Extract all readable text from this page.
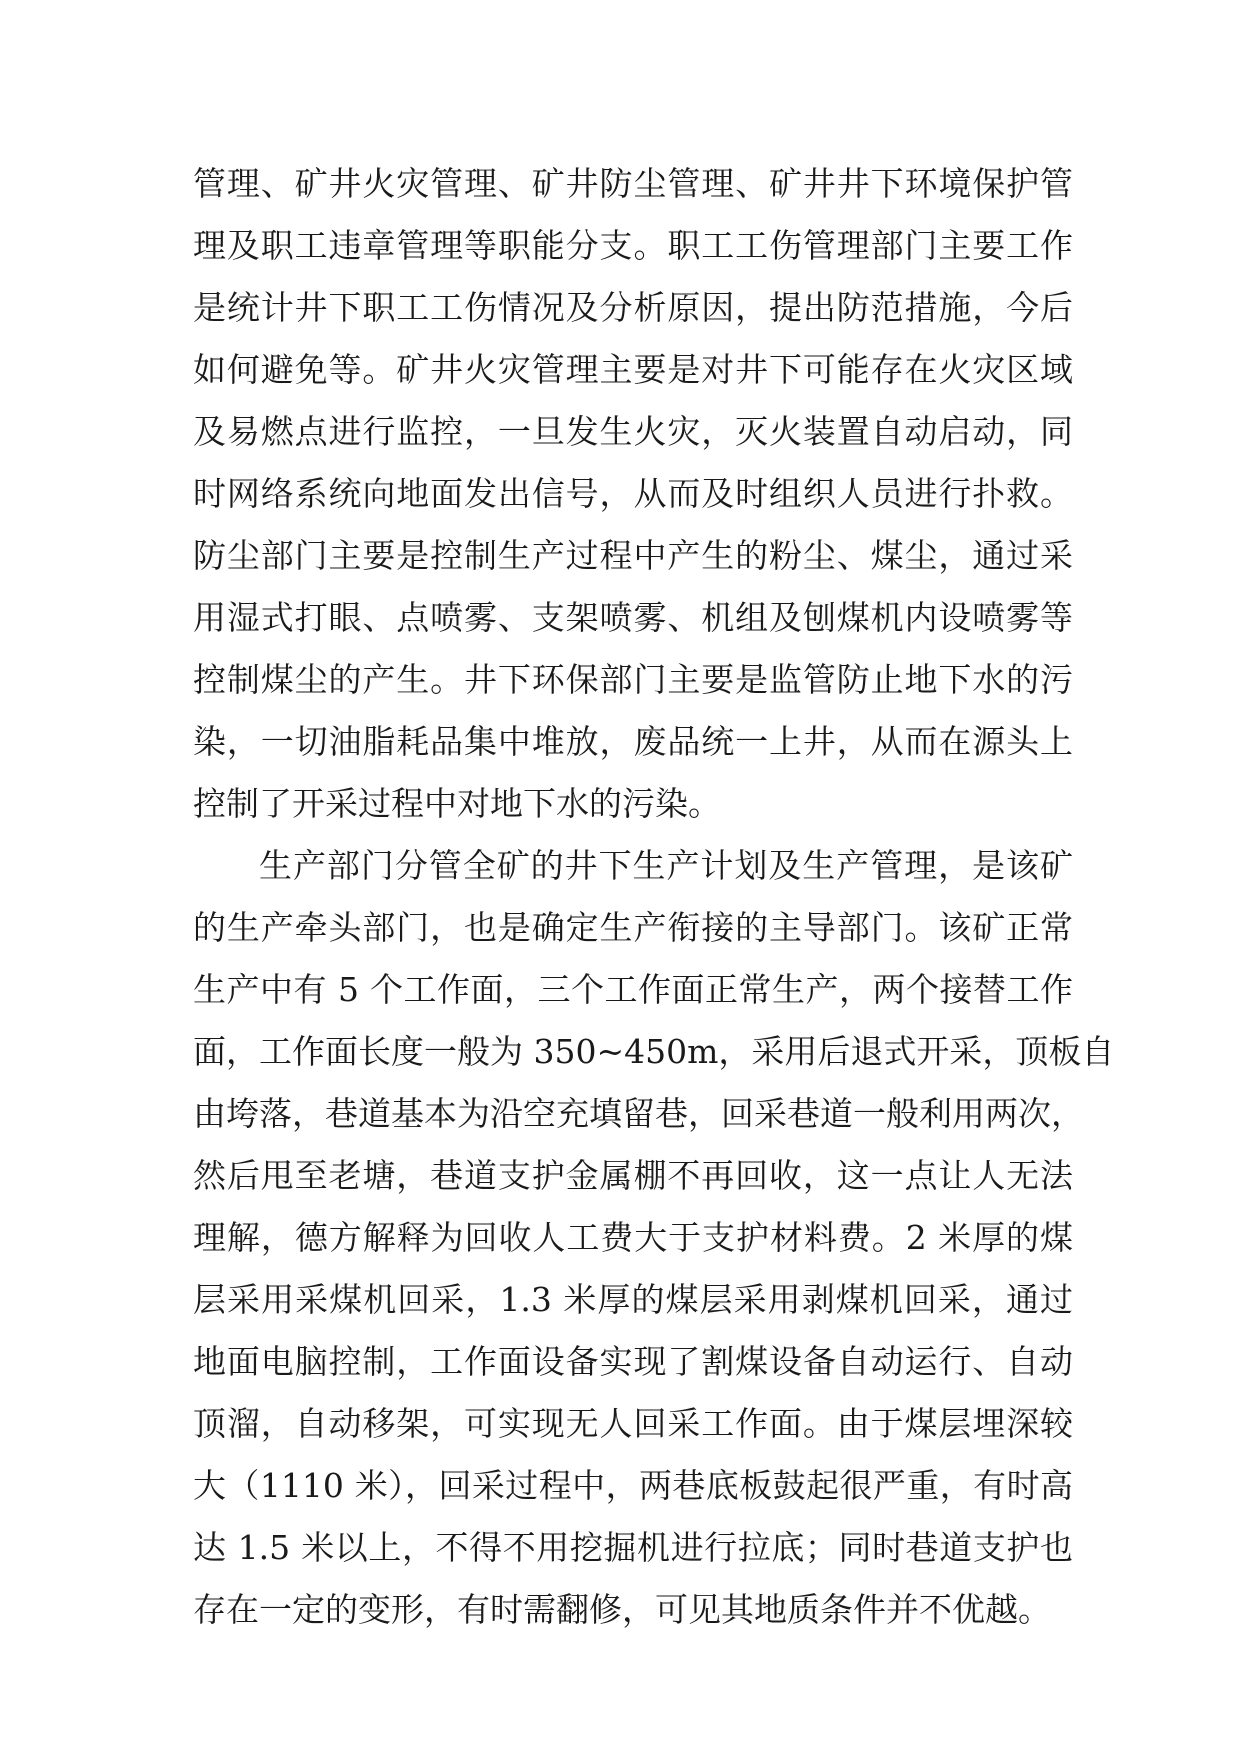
管理、矿井火灾管理、矿井防尘管理、矿井井下环境保护管
理及职工违章管理等职能分支。职工工伤管理部门主要工作
是统计井下职工工伤情况及分析原因，提出防范措施，今后
如何避免等。矿井火灾管理主要是对井下可能存在火灾区域
及易燃点进行监控，一旦发生火灾，灭火装置自动启动，同
时网络系统向地面发出信号，从而及时组织人员进行扑救。
防尘部门主要是控制生产过程中产生的粉尘、煤尘，通过采
用湿式打眼、点喷雾、支架喷雾、机组及刨煤机内设喷雾等
控制煤尘的产生。井下环保部门主要是监管防止地下水的污
染，一切油脂耗品集中堆放，废品统一上井，从而在源头上
控制了开采过程中对地下水的污染。
生产部门分管全矿的井下生产计划及生产管理，是该矿
的生产牵头部门，也是确定生产衔接的主导部门。该矿正常
生产中有 5 个工作面，三个工作面正常生产，两个接替工作
面，工作面长度一般为 350~450m，采用后退式开采，顶板自
由垮落，巷道基本为沿空充填留巷，回采巷道一般利用两次，
然后甩至老塘，巷道支护金属棚不再回收，这一点让人无法
理解，德方解释为回收人工费大于支护材料费。2 米厚的煤
层采用采煤机回采，1.3 米厚的煤层采用剥煤机回采，通过
地面电脑控制，工作面设备实现了割煤设备自动运行、自动
顶溜，自动移架，可实现无人回采工作面。由于煤层埋深较
大（1110 米），回采过程中，两巷底板鼓起很严重，有时高
达 1.5 米以上，不得不用挖掘机进行拉底；同时巷道支护也
存在一定的变形，有时需翻修，可见其地质条件并不优越。
